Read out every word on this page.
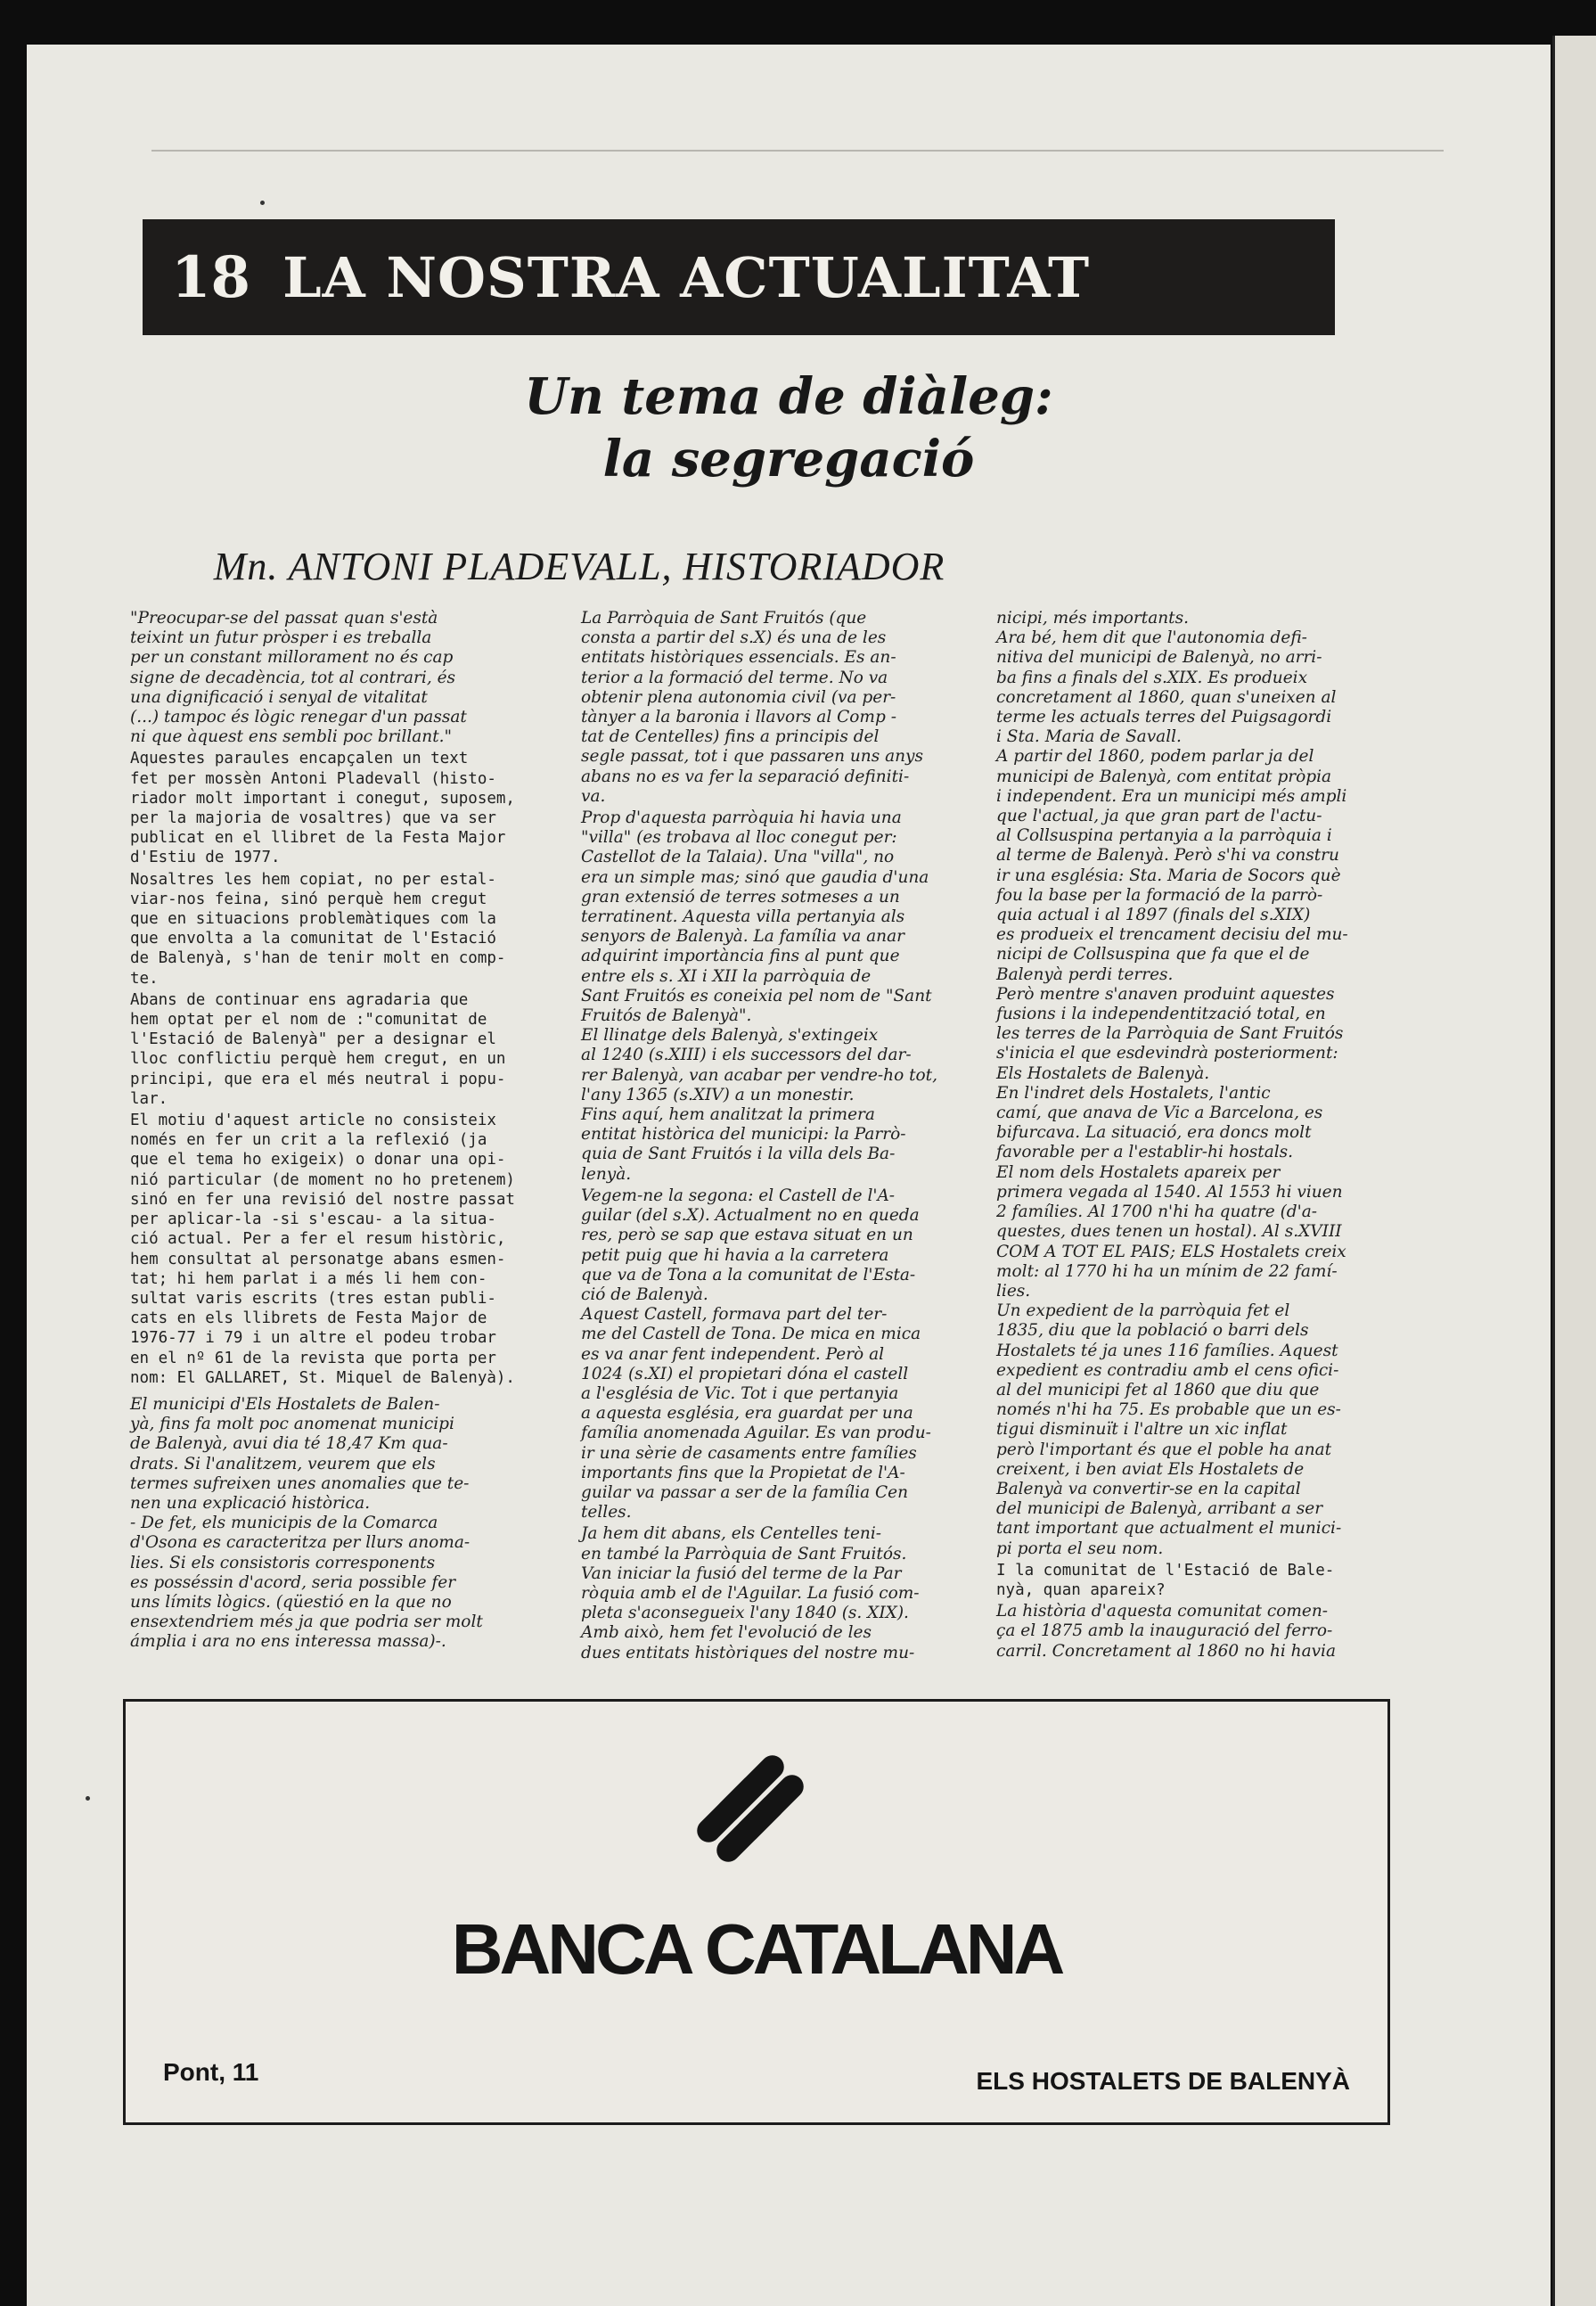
18 LA NOSTRA ACTUALITAT
Un tema de diàleg:
la segregació
Mn. ANTONI PLADEVALL, HISTORIADOR

"Preocupar-se del passat quan s'està
teixint un futur pròsper i es treballa
per un constant millorament no és cap
signe de decadència, tot al contrari, és
una dignificació i senyal de vitalitat
(...) tampoc és lògic renegar d'un passat
ni que àquest ens sembli poc brillant."

Aquestes paraules encapçalen un text
fet per mossèn Antoni Pladevall (histo-
riador molt important i conegut, suposem,
per la majoria de vosaltres) que va ser
publicat en el llibret de la Festa Major
d'Estiu de 1977.

Nosaltres les hem copiat, no per estal-
viar-nos feina, sinó perquè hem cregut
que en situacions problemàtiques com la
que envolta a la comunitat de l'Estació
de Balenyà, s'han de tenir molt en comp-
te.

Abans de continuar ens agradaria que
hem optat per el nom de :"comunitat de
l'Estació de Balenyà" per a designar el
lloc conflictiu perquè hem cregut, en un
principi, que era el més neutral i popu-
lar.

El motiu d'aquest article no consisteix
només en fer un crit a la reflexió (ja
que el tema ho exigeix) o donar una opi-
nió particular (de moment no ho pretenem)
sinó en fer una revisió del nostre passat
per aplicar-la -si s'escau- a la situa-
ció actual. Per a fer el resum històric,
hem consultat al personatge abans esmen-
tat; hi hem parlat i a més li hem con-
sultat varis escrits (tres estan publi-
cats en els llibrets de Festa Major de
1976-77 i 79 i un altre el podeu trobar
en el nº 61 de la revista que porta per
nom: El GALLARET, St. Miquel de Balenyà).

El municipi d'Els Hostalets de Balen-
yà, fins fa molt poc anomenat municipi
de Balenyà, avui dia té 18,47 Km qua-
drats. Si l'analitzem, veurem que els
termes sufreixen unes anomalies que te-
nen una explicació històrica.
- De fet, els municipis de la Comarca
d'Osona es caracteritza per llurs anoma-
lies. Si els consistoris corresponents
es posséssin d'acord, seria possible fer
uns límits lògics. (qüestió en la que no
ensextendriem més ja que podria ser molt
ámplia i ara no ens interessa massa)-.

La Parròquia de Sant Fruitós (que
consta a partir del s.X) és una de les
entitats històriques essencials. Es an-
terior a la formació del terme. No va
obtenir plena autonomia civil (va per-
tànyer a la baronia i llavors al Comp -
tat de Centelles) fins a principis del
segle passat, tot i que passaren uns anys
abans no es va fer la separació definiti-
va.

Prop d'aquesta parròquia hi havia una
"villa" (es trobava al lloc conegut per:
Castellot de la Talaia). Una "villa", no
era un simple mas; sinó que gaudia d'una
gran extensió de terres sotmeses a un
terratinent. Aquesta villa pertanyia als
senyors de Balenyà. La família va anar
adquirint importància fins al punt que
entre els s. XI i XII la parròquia de
Sant Fruitós es coneixia pel nom de "Sant
Fruitós de Balenyà".
El llinatge dels Balenyà, s'extingeix
al 1240 (s.XIII) i els successors del dar-
rer Balenyà, van acabar per vendre-ho tot,
l'any 1365 (s.XIV) a un monestir.
Fins aquí, hem analitzat la primera
entitat històrica del municipi: la Parrò-
quia de Sant Fruitós i la villa dels Ba-
lenyà.

Vegem-ne la segona: el Castell de l'A-
guilar (del s.X). Actualment no en queda
res, però se sap que estava situat en un
petit puig que hi havia a la carretera
que va de Tona a la comunitat de l'Esta-
ció de Balenyà.
Aquest Castell, formava part del ter-
me del Castell de Tona. De mica en mica
es va anar fent independent. Però al
1024 (s.XI) el propietari dóna el castell
a l'església de Vic. Tot i que pertanyia
a aquesta església, era guardat per una
família anomenada Aguilar. Es van produ-
ir una sèrie de casaments entre famílies
importants fins que la Propietat de l'A-
guilar va passar a ser de la família Cen
telles.

Ja hem dit abans, els Centelles teni-
en també la Parròquia de Sant Fruitós.
Van iniciar la fusió del terme de la Par
ròquia amb el de l'Aguilar. La fusió com-
pleta s'aconsegueix l'any 1840 (s. XIX).
Amb això, hem fet l'evolució de les
dues entitats històriques del nostre mu-

nicipi, més importants.
Ara bé, hem dit que l'autonomia defi-
nitiva del municipi de Balenyà, no arri-
ba fins a finals del s.XIX. Es produeix
concretament al 1860, quan s'uneixen al
terme les actuals terres del Puigsagordi
i Sta. Maria de Savall.
A partir del 1860, podem parlar ja del
municipi de Balenyà, com entitat pròpia
i independent. Era un municipi més ampli
que l'actual, ja que gran part de l'actu-
al Collsuspina pertanyia a la parròquia i
al terme de Balenyà. Però s'hi va constru
ir una església: Sta. Maria de Socors què
fou la base per la formació de la parrò-
quia actual i al 1897 (finals del s.XIX)
es produeix el trencament decisiu del mu-
nicipi de Collsuspina que fa que el de
Balenyà perdi terres.
Però mentre s'anaven produint aquestes
fusions i la independentització total, en
les terres de la Parròquia de Sant Fruitós
s'inicia el que esdevindrà posteriorment:
Els Hostalets de Balenyà.
En l'indret dels Hostalets, l'antic
camí, que anava de Vic a Barcelona, es
bifurcava. La situació, era doncs molt
favorable per a l'establir-hi hostals.
El nom dels Hostalets apareix per
primera vegada al 1540. Al 1553 hi viuen
2 famílies. Al 1700 n'hi ha quatre (d'a-
questes, dues tenen un hostal). Al s.XVIII
COM A TOT EL PAIS; ELS Hostalets creix
molt: al 1770 hi ha un mínim de 22 famí-
lies.
Un expedient de la parròquia fet el
1835, diu que la població o barri dels
Hostalets té ja unes 116 famílies. Aquest
expedient es contradiu amb el cens ofici-
al del municipi fet al 1860 que diu que
només n'hi ha 75. Es probable que un es-
tigui disminuït i l'altre un xic inflat
però l'important és que el poble ha anat
creixent, i ben aviat Els Hostalets de
Balenyà va convertir-se en la capital
del municipi de Balenyà, arribant a ser
tant important que actualment el munici-
pi porta el seu nom.

I la comunitat de l'Estació de Bale-
nyà, quan apareix?

La història d'aquesta comunitat comen-
ça el 1875 amb la inauguració del ferro-
carril. Concretament al 1860 no hi havia

BANCA CATALANA
Pont, 11	ELS HOSTALETS DE BALENYÀ
